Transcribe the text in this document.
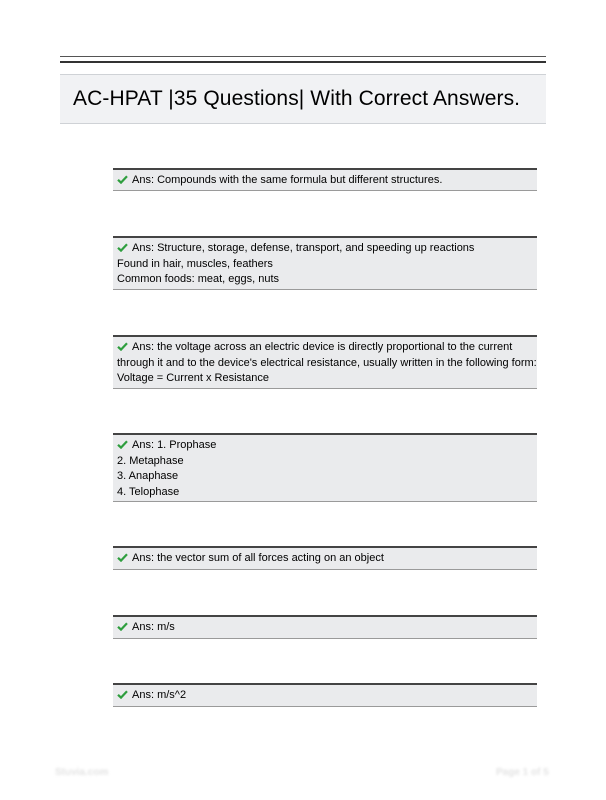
AC-HPAT |35 Questions| With Correct Answers.
Ans: Compounds with the same formula but different structures.
Ans: Structure, storage, defense, transport, and speeding up reactions
Found in hair, muscles, feathers
Common foods: meat, eggs, nuts
Ans: the voltage across an electric device is directly proportional to the current
through it and to the device's electrical resistance, usually written in the following form:
Voltage = Current x Resistance
Ans: 1. Prophase
2. Metaphase
3. Anaphase
4. Telophase
Ans: the vector sum of all forces acting on an object
Ans: m/s
Ans: m/s^2
Stuvia.com	Page 1 of 5
